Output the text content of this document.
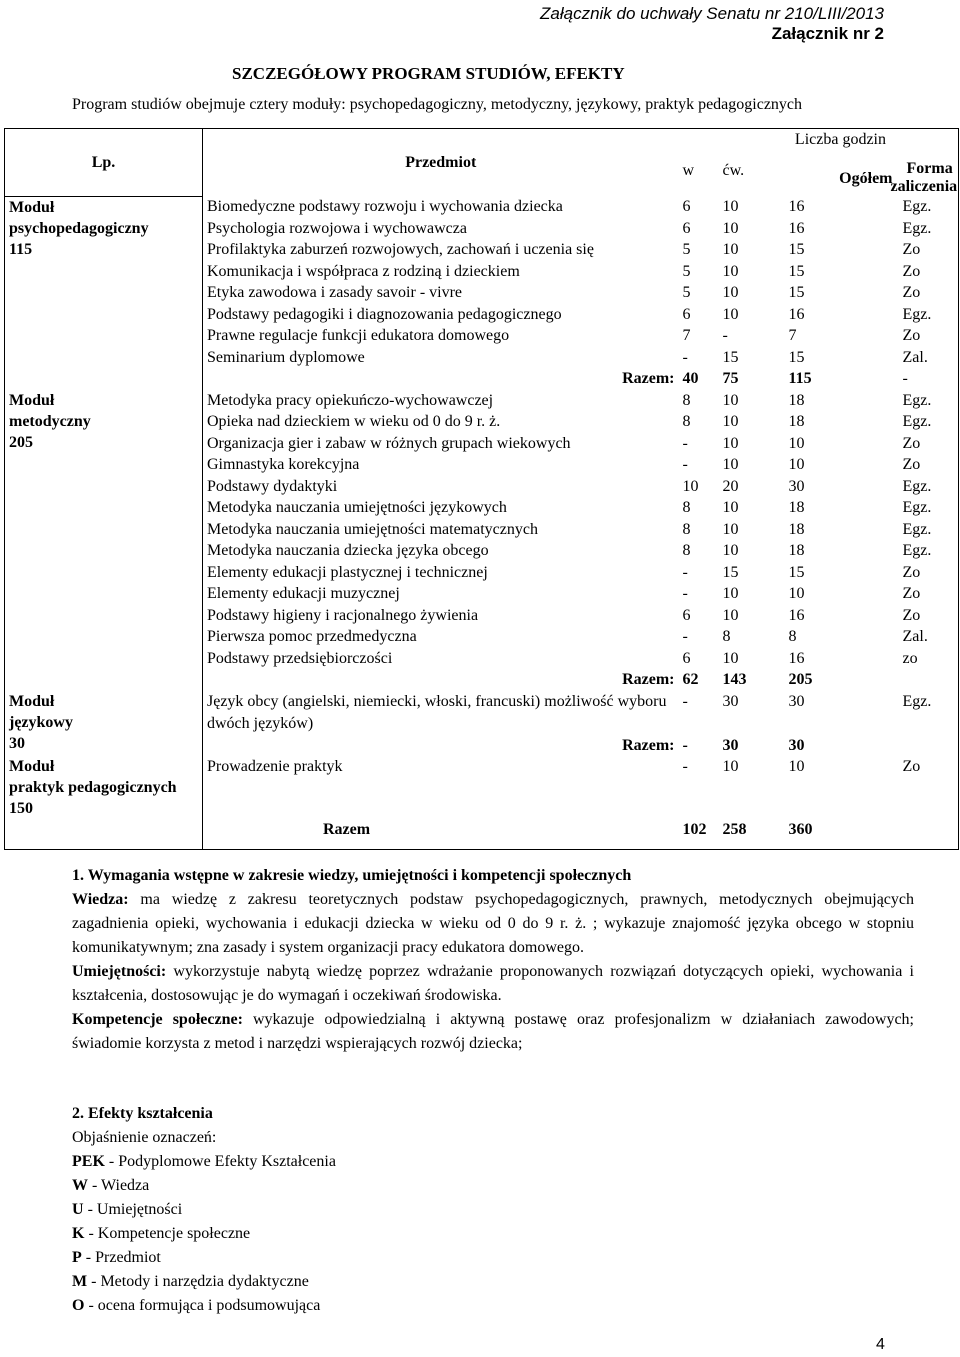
Załącznik do uchwały Senatu nr 210/LIII/2013
Załącznik nr 2
SZCZEGÓŁOWY PROGRAM STUDIÓW, EFEKTY
Program studiów obejmuje cztery moduły: psychopedagogiczny, metodyczny, językowy, praktyk pedagogicznych
Lp.	Przedmiot	Liczba godzin			
		w	ćw.	Ogółem	Forma
zaliczenia

Moduł
psychopedagogiczny
115	Biomedyczne podstawy rozwoju i wychowania dziecka	6	10	16	Egz.
	Psychologia rozwojowa i wychowawcza	6	10	16	Egz.
	Profilaktyka zaburzeń rozwojowych, zachowań i uczenia się	5	10	15	Zo
	Komunikacja i współpraca z rodziną i dzieckiem	5	10	15	Zo
	Etyka zawodowa i zasady savoir - vivre	5	10	15	Zo
	Podstawy pedagogiki i diagnozowania pedagogicznego	6	10	16	Egz.
	Prawne regulacje funkcji edukatora domowego	7	-	7	Zo
	Seminarium dyplomowe	-	15	15	Zal.
	Razem:	40	75	115	-

Moduł
metodyczny
205	Metodyka pracy opiekuńczo-wychowawczej	8	10	18	Egz.
	Opieka nad dzieckiem w wieku od 0 do 9 r. ż.	8	10	18	Egz.
	Organizacja gier i zabaw w różnych grupach wiekowych	-	10	10	Zo
	Gimnastyka korekcyjna	-	10	10	Zo
	Podstawy dydaktyki	10	20	30	Egz.
	Metodyka nauczania umiejętności językowych	8	10	18	Egz.
	Metodyka nauczania umiejętności matematycznych	8	10	18	Egz.
	Metodyka nauczania dziecka języka obcego	8	10	18	Egz.
	Elementy edukacji plastycznej i technicznej	-	15	15	Zo
	Elementy edukacji muzycznej	-	10	10	Zo
	Podstawy higieny i racjonalnego żywienia	6	10	16	Zo
	Pierwsza pomoc przedmedyczna	-	8	8	Zal.
	Podstawy przedsiębiorczości	6	10	16	zo
	Razem:	62	143	205	

Moduł
językowy
30	Język obcy (angielski, niemiecki, włoski, francuski) możliwość wyboru dwóch języków)	-	30	30	Egz.
	Razem:	-	30	30	

Moduł
praktyk pedagogicznych
150	Prowadzenie praktyk	-	10	10	Zo

	Razem	102	258	360	
1. Wymagania wstępne w zakresie wiedzy, umiejętności i kompetencji społecznych

Wiedza: ma wiedzę z zakresu teoretycznych podstaw psychopedagogicznych, prawnych, metodycznych obejmujących zagadnienia opieki, wychowania i edukacji dziecka w wieku od 0 do 9 r. ż. ; wykazuje znajomość języka obcego w stopniu komunikatywnym; zna zasady i system organizacji pracy edukatora domowego.

Umiejętności: wykorzystuje nabytą wiedzę poprzez wdrażanie proponowanych rozwiązań dotyczących opieki, wychowania i kształcenia, dostosowując je do wymagań i oczekiwań środowiska.

Kompetencje społeczne: wykazuje odpowiedzialną i aktywną postawę oraz profesjonalizm w działaniach zawodowych; świadomie korzysta z metod i narzędzi wspierających rozwój dziecka;

2. Efekty kształcenia
Objaśnienie oznaczeń:
PEK - Podyplomowe Efekty Kształcenia
W - Wiedza
U - Umiejętności
K - Kompetencje społeczne
P - Przedmiot
M - Metody i narzędzia dydaktyczne
O - ocena formująca i podsumowująca
4
